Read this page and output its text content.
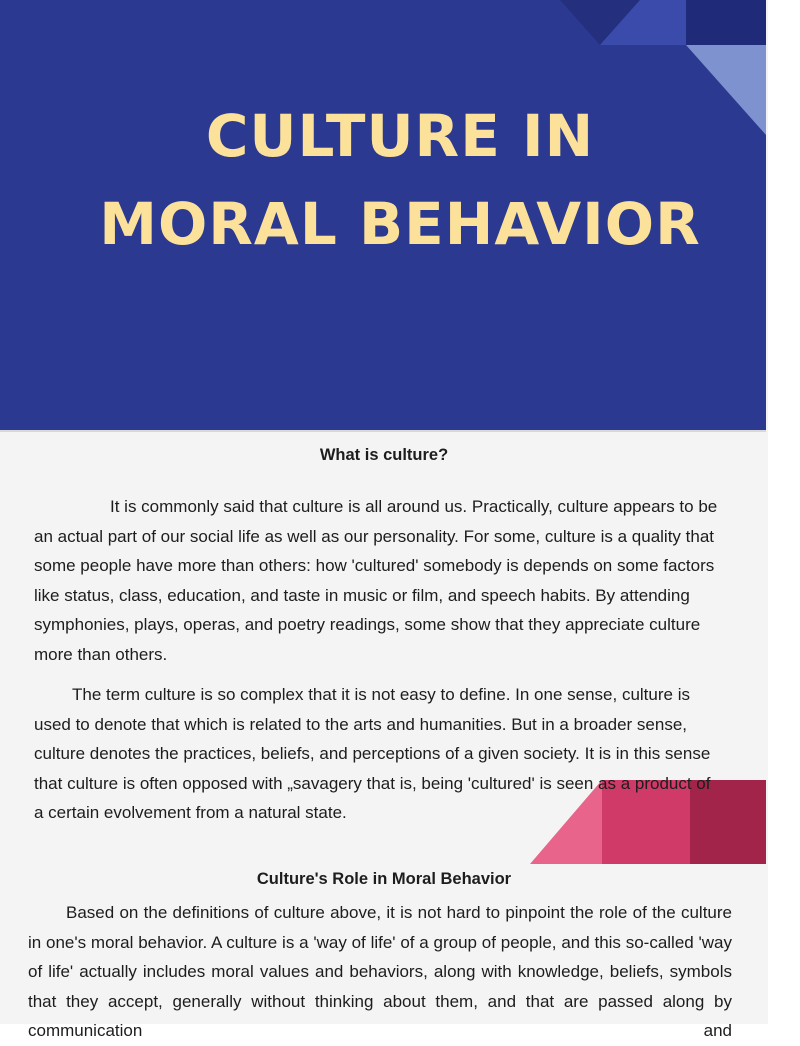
CULTURE IN
MORAL BEHAVIOR
What is culture?

It is commonly said that culture is all around us. Practically, culture appears to be an actual part of our social life as well as our personality. For some, culture is a quality that some people have more than others: how 'cultured' somebody is depends on some factors like status, class, education, and taste in music or film, and speech habits. By attending symphonies, plays, operas, and poetry readings, some show that they appreciate culture more than others.

The term culture is so complex that it is not easy to define. In one sense, culture is used to denote that which is related to the arts and humanities. But in a broader sense, culture denotes the practices, beliefs, and perceptions of a given society. It is in this sense that culture is often opposed with „savagery that is, being 'cultured' is seen as a product of a certain evolvement from a natural state.

Culture's Role in Moral Behavior

Based on the definitions of culture above, it is not hard to pinpoint the role of the culture in one's moral behavior. A culture is a 'way of life' of a group of people, and this so-called 'way of life' actually includes moral values and behaviors, along with knowledge, beliefs, symbols that they accept, generally without thinking about them, and that are passed along by communication and
